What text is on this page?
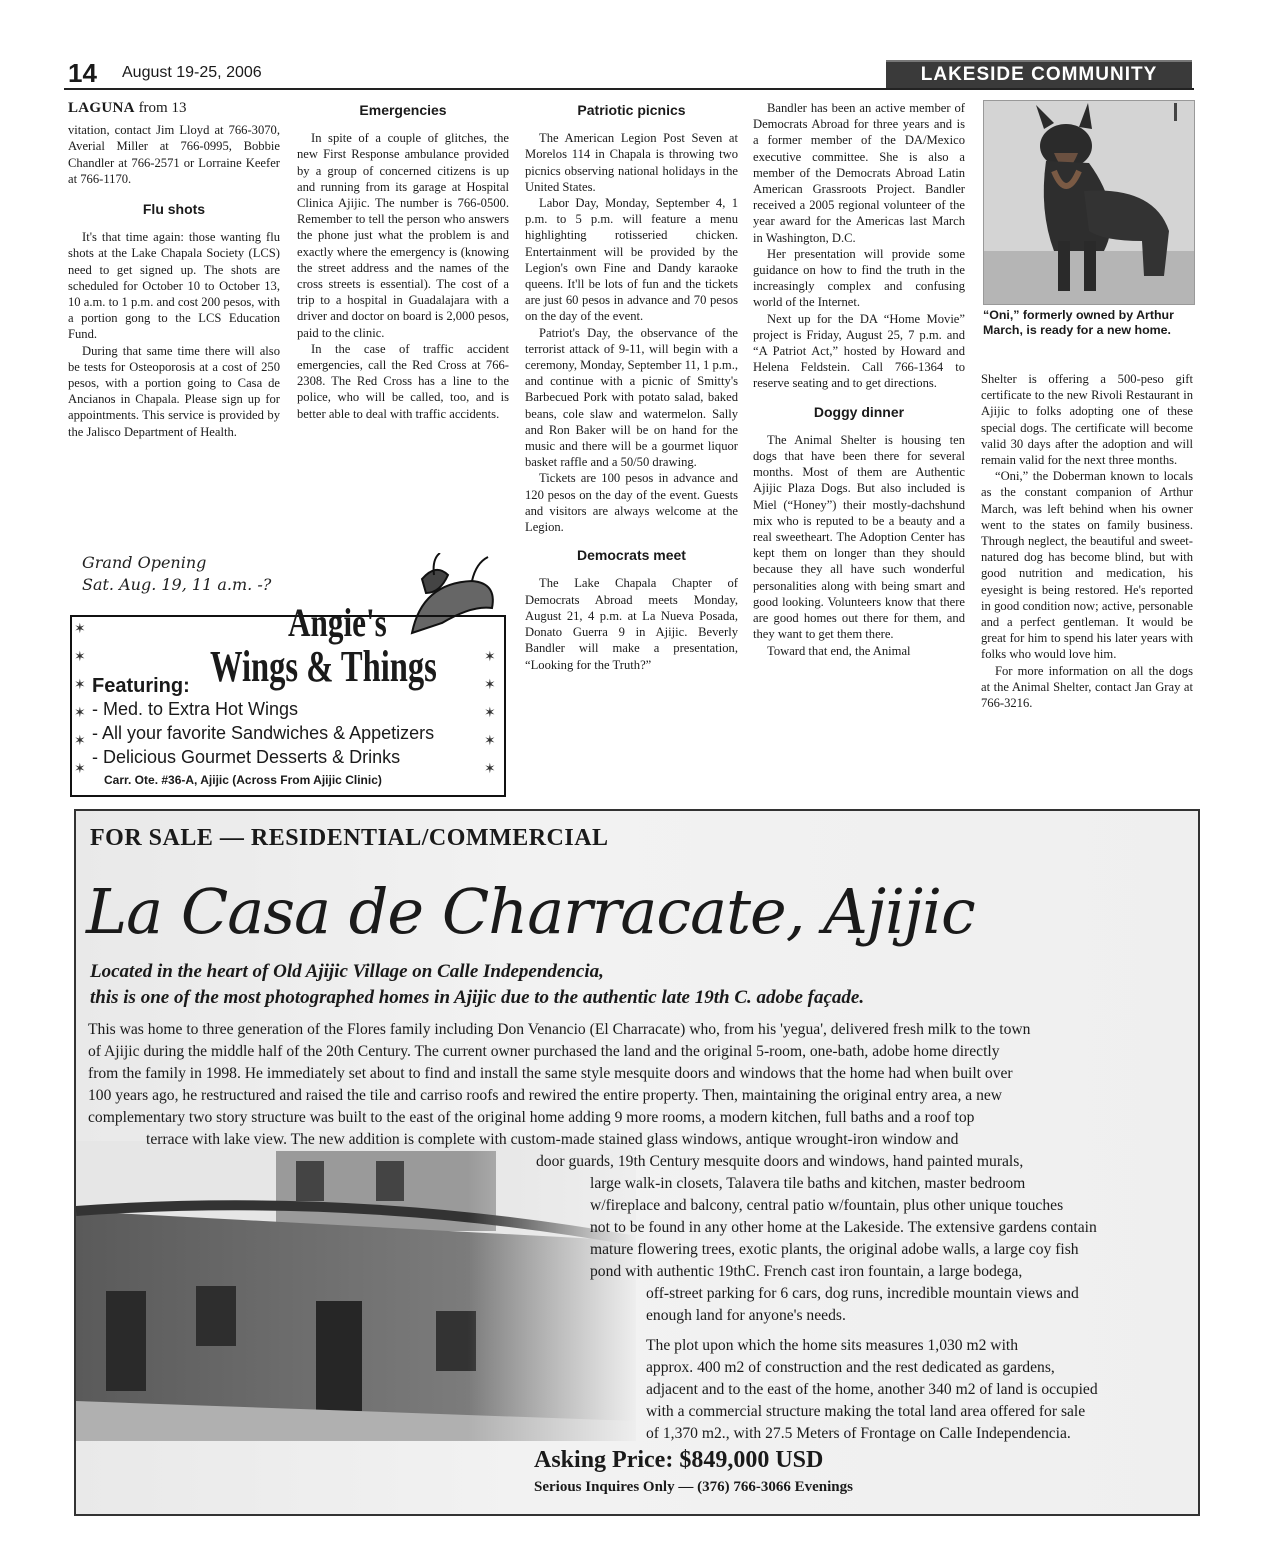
14 August 19-25, 2006	LAKESIDE COMMUNITY
LAGUNA from 13

vitation, contact Jim Lloyd at 766-3070, Averial Miller at 766-0995, Bobbie Chandler at 766-2571 or Lorraine Keefer at 766-1170.

Flu shots

It's that time again: those wanting flu shots at the Lake Chapala Society (LCS) need to get signed up. The shots are scheduled for October 10 to October 13, 10 a.m. to 1 p.m. and cost 200 pesos, with a portion gong to the LCS Education Fund.

During that same time there will also be tests for Osteoporosis at a cost of 250 pesos, with a portion going to Casa de Ancianos in Chapala. Please sign up for appointments. This service is provided by the Jalisco Department of Health.

Emergencies

In spite of a couple of glitches, the new First Response ambulance provided by a group of concerned citizens is up and running from its garage at Hospital Clinica Ajijic. The number is 766-0500. Remember to tell the person who answers the phone just what the problem is and exactly where the emergency is (knowing the street address and the names of the cross streets is essential). The cost of a trip to a hospital in Guadalajara with a driver and doctor on board is 2,000 pesos, paid to the clinic.

In the case of traffic accident emergencies, call the Red Cross at 766-2308. The Red Cross has a line to the police, who will be called, too, and is better able to deal with traffic accidents.

Patriotic picnics

The American Legion Post Seven at Morelos 114 in Chapala is throwing two picnics observing national holidays in the United States.

Labor Day, Monday, September 4, 1 p.m. to 5 p.m. will feature a menu highlighting rotisseried chicken. Entertainment will be provided by the Legion's own Fine and Dandy karaoke queens. It'll be lots of fun and the tickets are just 60 pesos in advance and 70 pesos on the day of the event.

Patriot's Day, the observance of the terrorist attack of 9-11, will begin with a ceremony, Monday, September 11, 1 p.m., and continue with a picnic of Smitty's Barbecued Pork with potato salad, baked beans, cole slaw and watermelon. Sally and Ron Baker will be on hand for the music and there will be a gourmet liquor basket raffle and a 50/50 drawing.

Tickets are 100 pesos in advance and 120 pesos on the day of the event. Guests and visitors are always welcome at the Legion.

Democrats meet

The Lake Chapala Chapter of Democrats Abroad meets Monday, August 21, 4 p.m. at La Nueva Posada, Donato Guerra 9 in Ajijic. Beverly Bandler will make a presentation, “Looking for the Truth?”

Bandler has been an active member of Democrats Abroad for three years and is a former member of the DA/Mexico executive committee. She is also a member of the Democrats Abroad Latin American Grassroots Project. Bandler received a 2005 regional volunteer of the year award for the Americas last March in Washington, D.C.

Her presentation will provide some guidance on how to find the truth in the increasingly complex and confusing world of the Internet.

Next up for the DA “Home Movie” project is Friday, August 25, 7 p.m. and “A Patriot Act,” hosted by Howard and Helena Feldstein. Call 766-1364 to reserve seating and to get directions.

Doggy dinner

The Animal Shelter is housing ten dogs that have been there for several months. Most of them are Authentic Ajijic Plaza Dogs. But also included is Miel (“Honey”) their mostly-dachshund mix who is reputed to be a beauty and a real sweetheart. The Adoption Center has kept them on longer than they should because they all have such wonderful personalities along with being smart and good looking. Volunteers know that there are good homes out there for them, and they want to get them there.

Toward that end, the Animal

“Oni,” formerly owned by Arthur March, is ready for a new home.

Shelter is offering a 500-peso gift certificate to the new Rivoli Restaurant in Ajijic to folks adopting one of these special dogs. The certificate will become valid 30 days after the adoption and will remain valid for the next three months.

“Oni,” the Doberman known to locals as the constant companion of Arthur March, was left behind when his owner went to the states on family business. Through neglect, the beautiful and sweet-natured dog has become blind, but with good nutrition and medication, his eyesight is being restored. He's reported in good condition now; active, personable and a perfect gentleman. It would be great for him to spend his later years with folks who would love him.

For more information on all the dogs at the Animal Shelter, contact Jan Gray at 766-3216.

Grand Opening
Sat. Aug. 19, 11 a.m. -?
Angie's
Wings & Things
Featuring:
- Med. to Extra Hot Wings
- All your favorite Sandwiches & Appetizers
- Delicious Gourmet Desserts & Drinks
Carr. Ote. #36-A, Ajijic (Across From Ajijic Clinic)
✶
✶
✶
✶
✶
✶
✶
✶
✶
✶
✶
FOR SALE — RESIDENTIAL/COMMERCIAL
La Casa de Charracate, Ajijic
Located in the heart of Old Ajijic Village on Calle Independencia,
this is one of the most photographed homes in Ajijic due to the authentic late 19th C. adobe façade.
This was home to three generation of the Flores family including Don Venancio (El Charracate) who, from his 'yegua', delivered fresh milk to the town
of Ajijic during the middle half of the 20th Century. The current owner purchased the land and the original 5-room, one-bath, adobe home directly
from the family in 1998. He immediately set about to find and install the same style mesquite doors and windows that the home had when built over
100 years ago, he restructured and raised the tile and carriso roofs and rewired the entire property. Then, maintaining the original entry area, a new
complementary two story structure was built to the east of the original home adding 9 more rooms, a modern kitchen, full baths and a roof top
terrace with lake view. The new addition is complete with custom-made stained glass windows, antique wrought-iron window and
door guards, 19th Century mesquite doors and windows, hand painted murals,
large walk-in closets, Talavera tile baths and kitchen, master bedroom
w/fireplace and balcony, central patio w/fountain, plus other unique touches
not to be found in any other home at the Lakeside. The extensive gardens contain
mature flowering trees, exotic plants, the original adobe walls, a large coy fish
pond with authentic 19thC. French cast iron fountain, a large bodega,
off-street parking for 6 cars, dog runs, incredible mountain views and
enough land for anyone's needs.
The plot upon which the home sits measures 1,030 m2 with
approx. 400 m2 of construction and the rest dedicated as gardens,
adjacent and to the east of the home, another 340 m2 of land is occupied
with a commercial structure making the total land area offered for sale
of 1,370 m2., with 27.5 Meters of Frontage on Calle Independencia.
Asking Price: $849,000 USD
Serious Inquires Only — (376) 766-3066 Evenings
